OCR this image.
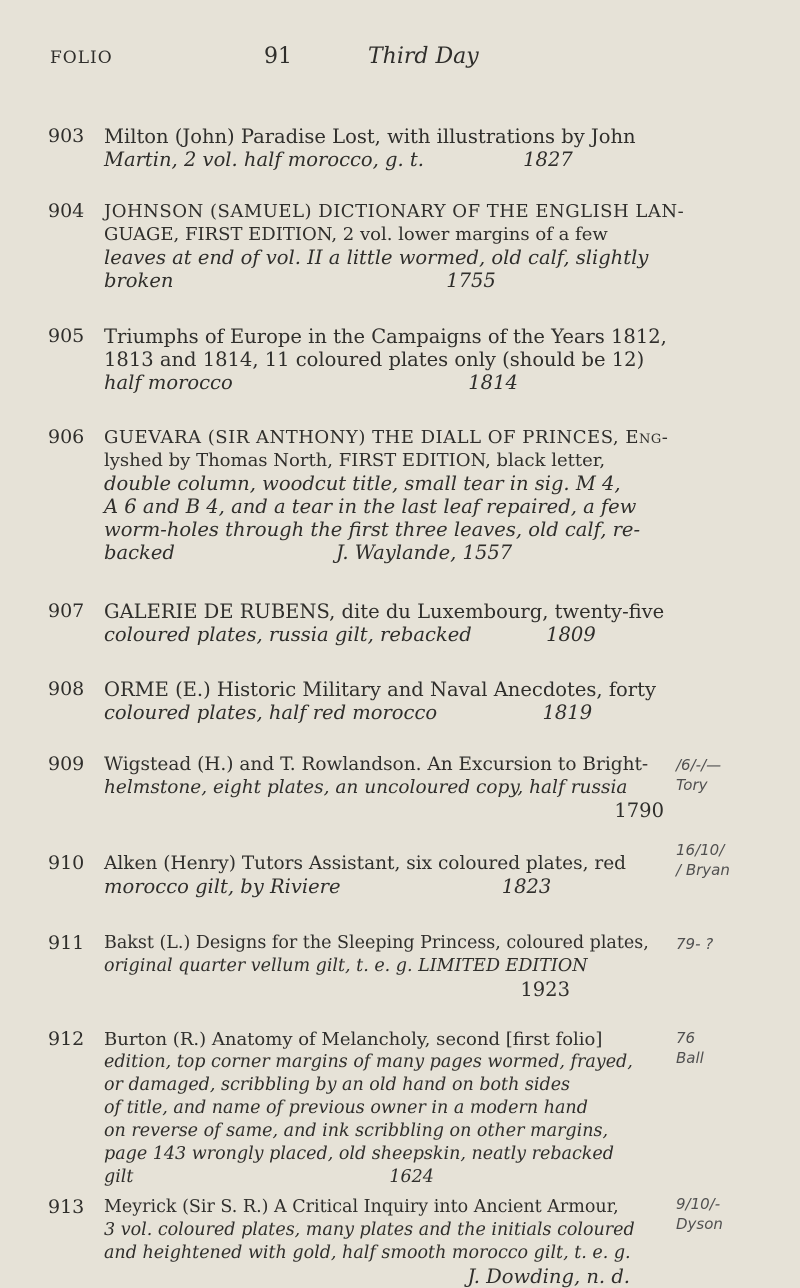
FOLIO	91	Third Day
903 Milton (John) Paradise Lost, with illustrations by John
Martin, 2 vol. half morocco, g. t.                1827
904 JOHNSON (SAMUEL) DICTIONARY OF THE ENGLISH LAN-
GUAGE, FIRST EDITION, 2 vol. lower margins of a few
leaves at end of vol. II a little wormed, old calf, slightly
broken                                            1755
905 Triumphs of Europe in the Campaigns of the Years 1812,
1813 and 1814, 11 coloured plates only (should be 12)
half morocco                                      1814
906 GUEVARA (SIR ANTHONY) THE DIALL OF PRINCES, Eng-
lyshed by Thomas North, FIRST EDITION, black letter,
double column, woodcut title, small tear in sig. M 4,
A 6 and B 4, and a tear in the last leaf repaired, a few
worm-holes through the first three leaves, old calf, re-
backed                          J. Waylande, 1557
907 GALERIE DE RUBENS, dite du Luxembourg, twenty-five
coloured plates, russia gilt, rebacked            1809
908 ORME (E.) Historic Military and Naval Anecdotes, forty
coloured plates, half red morocco                 1819
909 Wigstead (H.) and T. Rowlandson. An Excursion to Bright-
helmstone, eight plates, an uncoloured copy, half russia
1790
/6/-/—
Tory
910 Alken (Henry) Tutors Assistant, six coloured plates, red
morocco gilt, by Riviere                          1823
16/10/
/ Bryan
911 Bakst (L.) Designs for the Sleeping Princess, coloured plates,
original quarter vellum gilt, t. e. g. LIMITED EDITION
1923
79- ?
912 Burton (R.) Anatomy of Melancholy, second [first folio]
edition, top corner margins of many pages wormed, frayed,
or damaged, scribbling by an old hand on both sides
of title, and name of previous owner in a modern hand
on reverse of same, and ink scribbling on other margins,
page 143 wrongly placed, old sheepskin, neatly rebacked
gilt                                              1624
76
Ball
913 Meyrick (Sir S. R.) A Critical Inquiry into Ancient Armour,
3 vol. coloured plates, many plates and the initials coloured
and heightened with gold, half smooth morocco gilt, t. e. g.
J. Dowding, n. d.
9/10/-
Dyson
